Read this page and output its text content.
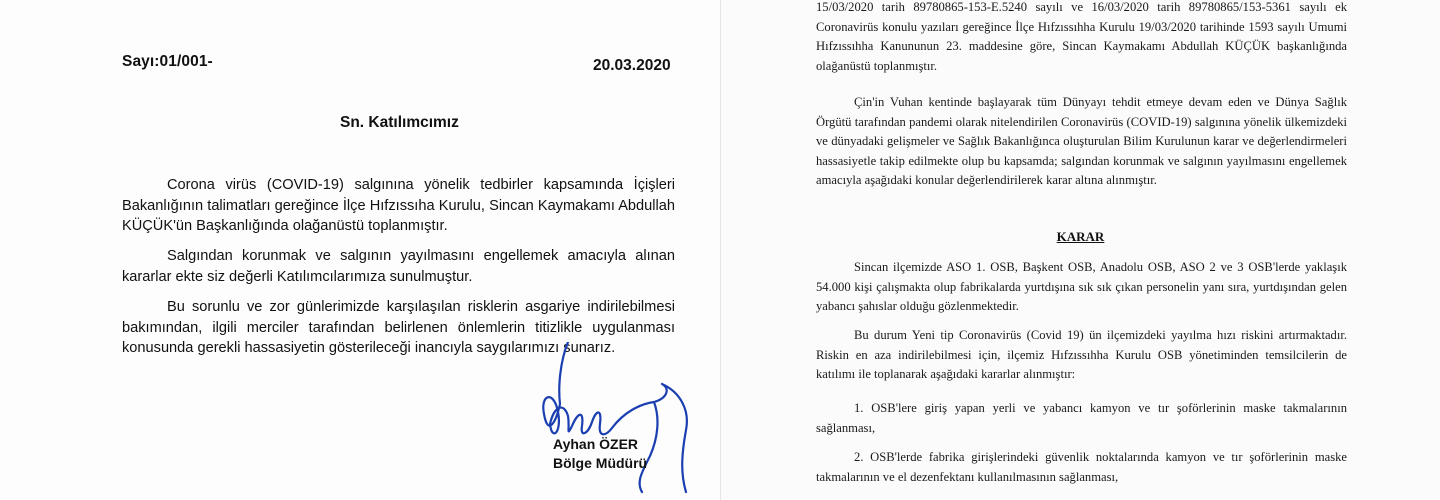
Sayı:01/001-	20.03.2020
Sn. Katılımcımız

Corona virüs (COVID-19) salgınına yönelik tedbirler kapsamında İçişleri Bakanlığının talimatları gereğince İlçe Hıfzıssıha Kurulu, Sincan Kaymakamı Abdullah KÜÇÜK'ün Başkanlığında olağanüstü toplanmıştır.

Salgından korunmak ve salgının yayılmasını engellemek amacıyla alınan kararlar ekte siz değerli Katılımcılarımıza sunulmuştur.

Bu sorunlu ve zor günlerimizde karşılaşılan risklerin asgariye indirilebilmesi bakımından, ilgili merciler tarafından belirlenen önlemlerin titizlikle uygulanması konusunda gerekli hassasiyetin gösterileceği inancıyla saygılarımızı sunarız.

Ayhan ÖZER
Bölge Müdürü

15/03/2020 tarih 89780865-153-E.5240 sayılı ve 16/03/2020 tarih 89780865/153-5361 sayılı ek Coronavirüs konulu yazıları gereğince İlçe Hıfzıssıhha Kurulu 19/03/2020 tarihinde 1593 sayılı Umumi Hıfzıssıhha Kanununun 23. maddesine göre, Sincan Kaymakamı Abdullah KÜÇÜK başkanlığında olağanüstü toplanmıştır.

Çin'in Vuhan kentinde başlayarak tüm Dünyayı tehdit etmeye devam eden ve Dünya Sağlık Örgütü tarafından pandemi olarak nitelendirilen Coronavirüs (COVID-19) salgınına yönelik ülkemizdeki ve dünyadaki gelişmeler ve Sağlık Bakanlığınca oluşturulan Bilim Kurulunun karar ve değerlendirmeleri hassasiyetle takip edilmekte olup bu kapsamda; salgından korunmak ve salgının yayılmasını engellemek amacıyla aşağıdaki konular değerlendirilerek karar altına alınmıştır.

KARAR

Sincan ilçemizde ASO 1. OSB, Başkent OSB, Anadolu OSB, ASO 2 ve 3 OSB'lerde yaklaşık 54.000 kişi çalışmakta olup fabrikalarda yurtdışına sık sık çıkan personelin yanı sıra, yurtdışından gelen yabancı şahıslar olduğu gözlenmektedir.

Bu durum Yeni tip Coronavirüs (Covid 19) ün ilçemizdeki yayılma hızı riskini artırmaktadır. Riskin en aza indirilebilmesi için, ilçemiz Hıfzıssıhha Kurulu OSB yönetiminden temsilcilerin de katılımı ile toplanarak aşağıdaki kararlar alınmıştır:

1. OSB'lere giriş yapan yerli ve yabancı kamyon ve tır şoförlerinin maske takmalarının sağlanması,

2. OSB'lerde fabrika girişlerindeki güvenlik noktalarında kamyon ve tır şoförlerinin maske takmalarının ve el dezenfektanı kullanılmasının sağlanması,
